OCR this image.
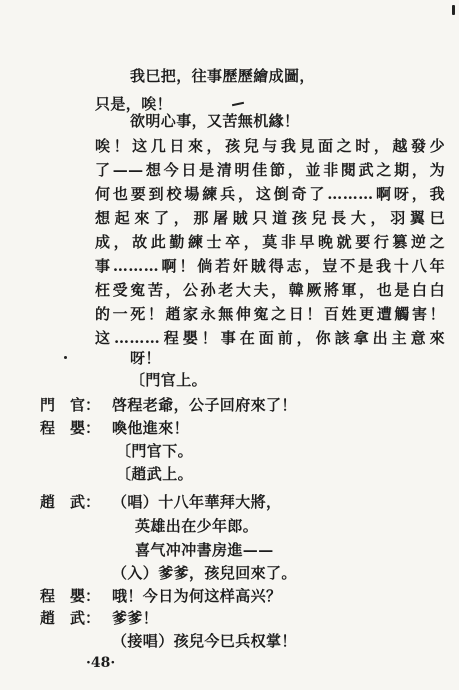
我巳把，往事歷歷繪成圖，
只是，唉！
欲明心事，又苦無机緣！
唉！这几日來，孩兒与我見面之时，越發少
了——想今日是清明佳節，並非閱武之期，为
何也要到校場練兵，这倒奇了………啊呀，我
想起來了，那屠賊只道孩兒長大，羽翼巳
成，故此勤練士卒，莫非早晚就要行篡逆之
事………啊！倘若奸賊得志，豈不是我十八年
枉受寃苦，公孙老大夫，韓厥將軍，也是白白
的一死！趙家永無伸寃之日！百姓更遭觸害！
这………程嬰！事在面前，你該拿出主意來
呀！
〔門官上。
門　官： 啓程老爺，公子回府來了！
程　嬰： 喚他進來！
〔門官下。
〔趙武上。
趙　武： （唱）十八年華拜大將，
英雄出在少年郎。
喜气冲冲書房進——
（入）爹爹，孩兒回來了。
程　嬰： 哦！今日为何这样高兴？
趙　武： 爹爹！
（接唱）孩兒今巳兵权掌！
·48·
